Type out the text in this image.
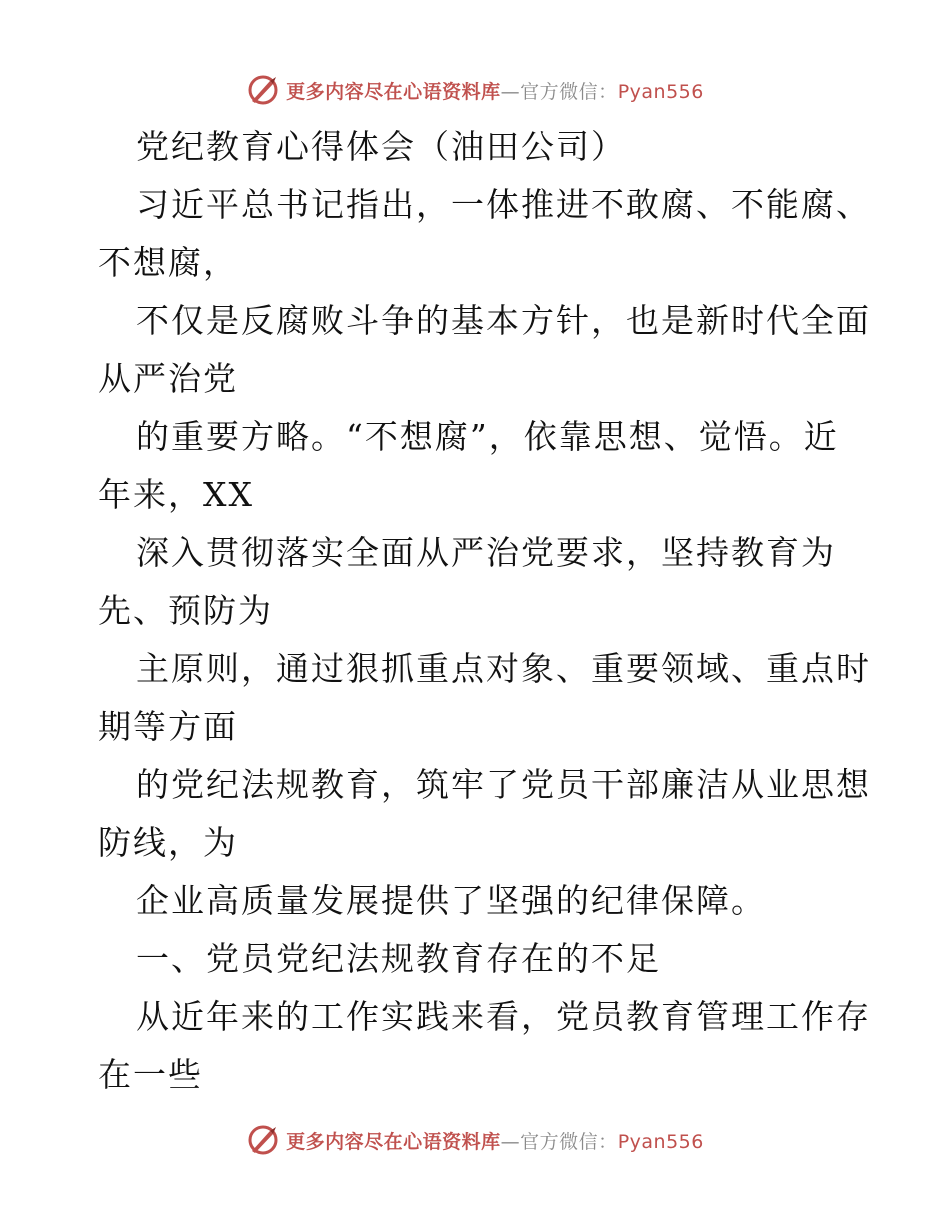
更多内容尽在心语资料库—官方微信：Pyan556
党纪教育心得体会（油田公司）
习近平总书记指出，一体推进不敢腐、不能腐、
不想腐，
不仅是反腐败斗争的基本方针，也是新时代全面
从严治党
的重要方略。“不想腐”，依靠思想、觉悟。近
年来，XX
深入贯彻落实全面从严治党要求，坚持教育为
先、预防为
主原则，通过狠抓重点对象、重要领域、重点时
期等方面
的党纪法规教育，筑牢了党员干部廉洁从业思想
防线，为
企业高质量发展提供了坚强的纪律保障。
一、党员党纪法规教育存在的不足
从近年来的工作实践来看，党员教育管理工作存
在一些
更多内容尽在心语资料库—官方微信：Pyan556
